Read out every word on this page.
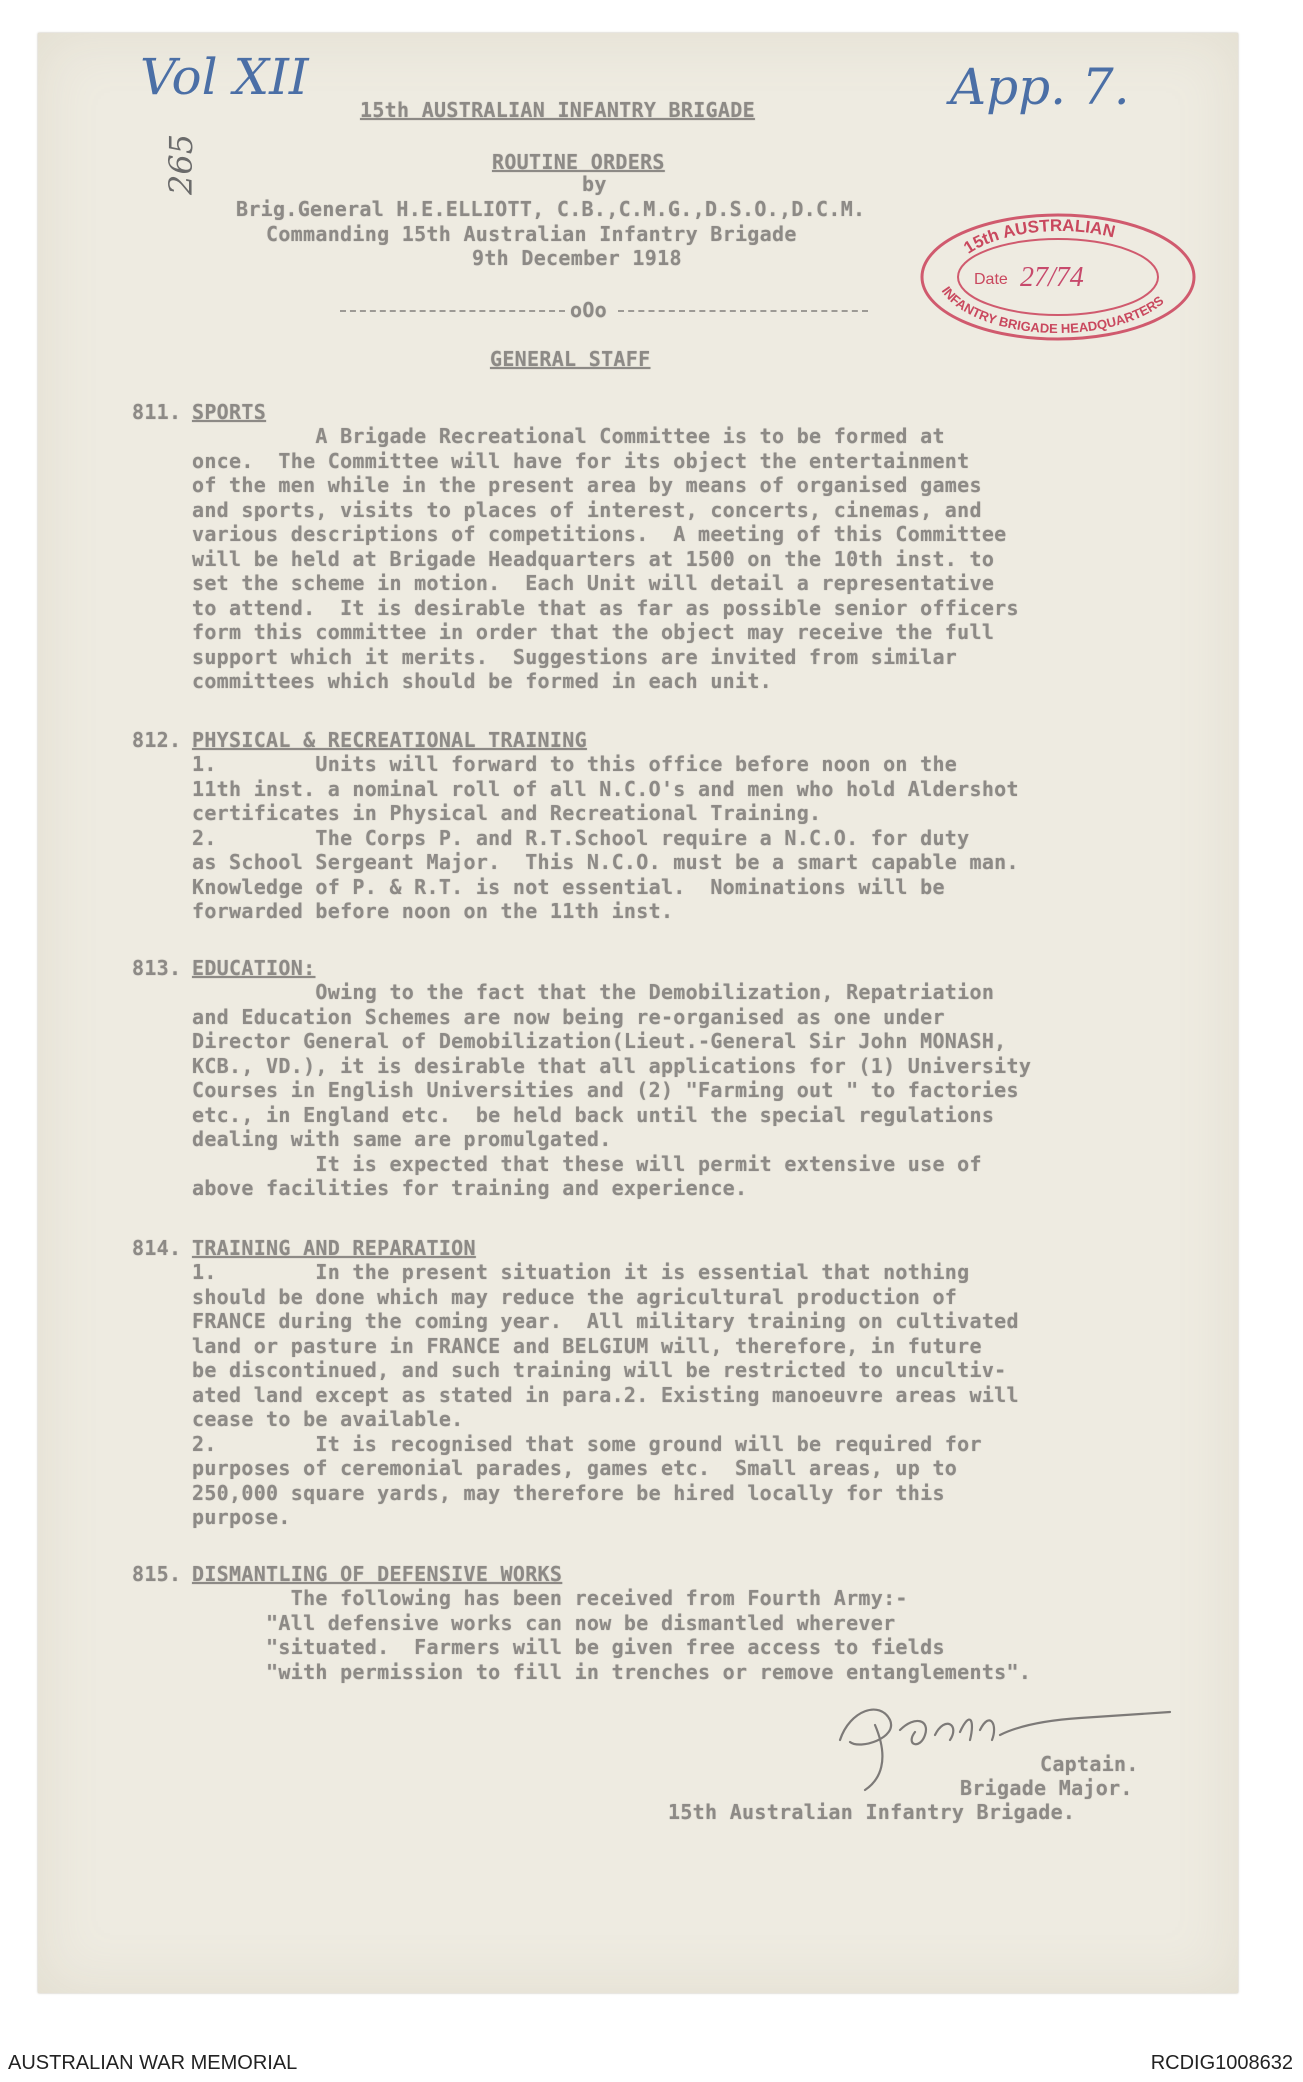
Vol XII	App. 7.
265
15th AUSTRALIAN INFANTRY BRIGADE
ROUTINE ORDERS
by
Brig.General H.E.ELLIOTT, C.B.,C.M.G.,D.S.O.,D.C.M.
Commanding 15th Australian Infantry Brigade
9th December 1918
oOo
GENERAL STAFF
15th AUSTRALIAN
INFANTRY BRIGADE HEADQUARTERS
Date 27/74
811. SPORTS
A Brigade Recreational Committee is to be formed at
once.  The Committee will have for its object the entertainment
of the men while in the present area by means of organised games
and sports, visits to places of interest, concerts, cinemas, and
various descriptions of competitions.  A meeting of this Committee
will be held at Brigade Headquarters at 1500 on the 10th inst. to
set the scheme in motion.  Each Unit will detail a representative
to attend.  It is desirable that as far as possible senior officers
form this committee in order that the object may receive the full
support which it merits.  Suggestions are invited from similar
committees which should be formed in each unit.
812. PHYSICAL & RECREATIONAL TRAINING
1.        Units will forward to this office before noon on the
11th inst. a nominal roll of all N.C.O's and men who hold Aldershot
certificates in Physical and Recreational Training.
2.        The Corps P. and R.T.School require a N.C.O. for duty
as School Sergeant Major.  This N.C.O. must be a smart capable man.
Knowledge of P. & R.T. is not essential.  Nominations will be
forwarded before noon on the 11th inst.
813. EDUCATION:
Owing to the fact that the Demobilization, Repatriation
and Education Schemes are now being re-organised as one under
Director General of Demobilization(Lieut.-General Sir John MONASH,
KCB., VD.), it is desirable that all applications for (1) University
Courses in English Universities and (2) "Farming out " to factories
etc., in England etc.  be held back until the special regulations
dealing with same are promulgated.
It is expected that these will permit extensive use of
above facilities for training and experience.
814. TRAINING AND REPARATION
1.        In the present situation it is essential that nothing
should be done which may reduce the agricultural production of
FRANCE during the coming year.  All military training on cultivated
land or pasture in FRANCE and BELGIUM will, therefore, in future
be discontinued, and such training will be restricted to uncultiv-
ated land except as stated in para.2. Existing manoeuvre areas will
cease to be available.
2.        It is recognised that some ground will be required for
purposes of ceremonial parades, games etc.  Small areas, up to
250,000 square yards, may therefore be hired locally for this
purpose.
815. DISMANTLING OF DEFENSIVE WORKS
The following has been received from Fourth Army:-
"All defensive works can now be dismantled wherever
"situated.  Farmers will be given free access to fields
"with permission to fill in trenches or remove entanglements".
Captain.
Brigade Major.
15th Australian Infantry Brigade.
AUSTRALIAN WAR MEMORIAL	RCDIG1008632
